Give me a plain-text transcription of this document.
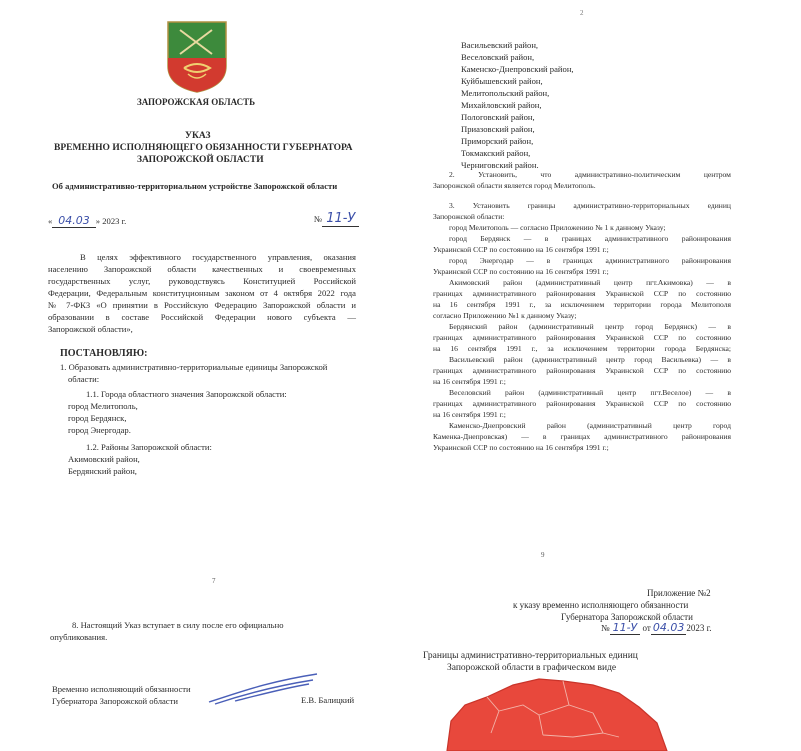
ЗАПОРОЖСКАЯ ОБЛАСТЬ
УКАЗ
ВРЕМЕННО ИСПОЛНЯЮЩЕГО ОБЯЗАННОСТИ ГУБЕРНАТОРА
ЗАПОРОЖСКОЙ ОБЛАСТИ
Об административно-территориальном устройстве Запорожской области
« 04.03 » 2023 г.	№ 11-У
В целях эффективного государственного управления, оказания
населению Запорожской области качественных и своевременных
государственных услуг, руководствуясь Конституцией Российской
Федерации, Федеральным конституционным законом от 4 октября 2022 года
№ 7-ФКЗ «О принятии в Российскую Федерацию Запорожской области и
образовании в составе Российской Федерации нового субъекта —
Запорожской области»,
ПОСТАНОВЛЯЮ:
1. Образовать административно-территориальные единицы Запорожской
области:
1.1. Города областного значения Запорожской области:
город Мелитополь,
город Бердянск,
город Энергодар.
1.2. Районы Запорожской области:
Акимовский район,
Бердянский район,
2
Васильевский район,
Веселовский район,
Каменско-Днепровский район,
Куйбышевский район,
Мелитопольский район,
Михайловский район,
Пологовский район,
Приазовский район,
Приморский район,
Токмакский район,
Черниговский район.
2. Установить, что административно-политическим центром
Запорожской области является город Мелитополь.
3. Установить границы административно-территориальных единиц
Запорожской области:
город Мелитополь — согласно Приложению № 1 к данному Указу;
город Бердянск — в границах административного районирования
Украинской ССР по состоянию на 16 сентября 1991 г.;
город Энергодар — в границах административного районирования
Украинской ССР по состоянию на 16 сентября 1991 г.;
Акимовский район (административный центр пгт.Акимовка) — в
границах административного районирования Украинской ССР по состоянию
на 16 сентября 1991 г., за исключением территории города Мелитополя
согласно Приложению №1 к данному Указу;
Бердянский район (административный центр город Бердянск) — в
границах административного районирования Украинской ССР по состоянию
на 16 сентября 1991 г., за исключением территории города Бердянска;
Васильевский район (административный центр город Васильевка) — в
границах административного районирования Украинской ССР по состоянию
на 16 сентября 1991 г.;
Веселовский район (административный центр пгт.Веселое) — в
границах административного районирования Украинской ССР по состоянию
на 16 сентября 1991 г.;
Каменско-Днепровский район (административный центр город
Каменка-Днепровская) — в границах административного районирования
Украинской ССР по состоянию на 16 сентября 1991 г.;
7
8. Настоящий Указ вступает в силу после его официально
опубликования.
Временно исполняющий обязанности
Губернатора Запорожской области	Е.В. Балицкий
9
Приложение №2
к указу временно исполняющего обязанности
Губернатора Запорожской области
№ 11-У от 04.03 2023 г.
Границы административно-территориальных единиц
Запорожской области в графическом виде
